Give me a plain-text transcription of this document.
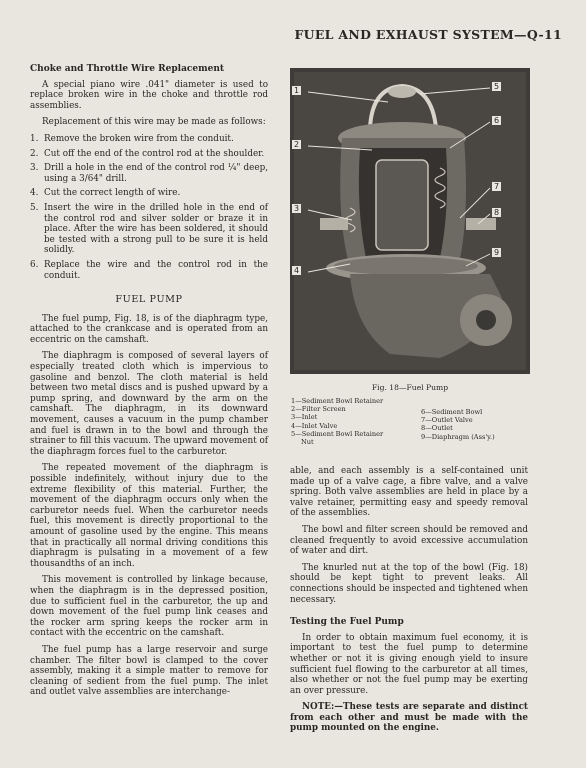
FUEL AND EXHAUST SYSTEM—Q-11
Choke and Throttle Wire Replacement

A special piano wire .041" diameter is used to replace broken wire in the choke and throttle rod assemblies.

Replacement of this wire may be made as follows:

1. Remove the broken wire from the conduit.
2. Cut off the end of the control rod at the shoulder.
3. Drill a hole in the end of the control rod ¼" deep, using a 3/64" drill.
4. Cut the correct length of wire.
5. Insert the wire in the drilled hole in the end of the control rod and silver solder or braze it in place. After the wire has been soldered, it should be tested with a strong pull to be sure it is held solidly.
6. Replace the wire and the control rod in the conduit.
FUEL PUMP

The fuel pump, Fig. 18, is of the diaphragm type, attached to the crankcase and is operated from an eccentric on the camshaft.

The diaphragm is composed of several layers of especially treated cloth which is impervious to gasoline and benzol. The cloth material is held between two metal discs and is pushed upward by a pump spring, and downward by the arm on the camshaft. The diaphragm, in its downward movement, causes a vacuum in the pump chamber and fuel is drawn in to the bowl and through the strainer to fill this vacuum. The upward movement of the diaphragm forces fuel to the carburetor.

The repeated movement of the diaphragm is possible indefinitely, without injury due to the extreme flexibility of this material. Further, the movement of the diaphragm occurs only when the carburetor needs fuel. When the carburetor needs fuel, this movement is directly proportional to the amount of gasoline used by the engine. This means that in practically all normal driving conditions this diaphragm is pulsating in a movement of a few thousandths of an inch.

This movement is controlled by linkage because, when the diaphragm is in the depressed position, due to sufficient fuel in the carburetor, the up and down movement of the fuel pump link ceases and the rocker arm spring keeps the rocker arm in contact with the eccentric on the camshaft.

The fuel pump has a large reservoir and surge chamber. The filter bowl is clamped to the cover assembly, making it a simple matter to remove for cleaning of sedient from the fuel pump. The inlet and outlet valve assemblies are interchange-

1
2
3
4
5
6
7
8
9
Fig. 18—Fuel Pump
1—Sediment Bowl Retainer
2—Filter Screen
3—Inlet
4—Inlet Valve
5—Sediment Bowl Retainer
Nut
6—Sediment Bowl
7—Outlet Valve
8—Outlet
9—Diaphragm (Ass'y.)

able, and each assembly is a self-contained unit made up of a valve cage, a fibre valve, and a valve spring. Both valve assemblies are held in place by a valve retainer, permitting easy and speedy removal of the assemblies.

The bowl and filter screen should be removed and cleaned frequently to avoid excessive accumulation of water and dirt.

The knurled nut at the top of the bowl (Fig. 18) should be kept tight to prevent leaks. All connections should be inspected and tightened when necessary.

Testing the Fuel Pump

In order to obtain maximum fuel economy, it is important to test the fuel pump to determine whether or not it is giving enough yield to insure sufficient fuel flowing to the carburetor at all times, also whether or not the fuel pump may be exerting an over pressure.

NOTE:—These tests are separate and distinct from each other and must be made with the pump mounted on the engine.
